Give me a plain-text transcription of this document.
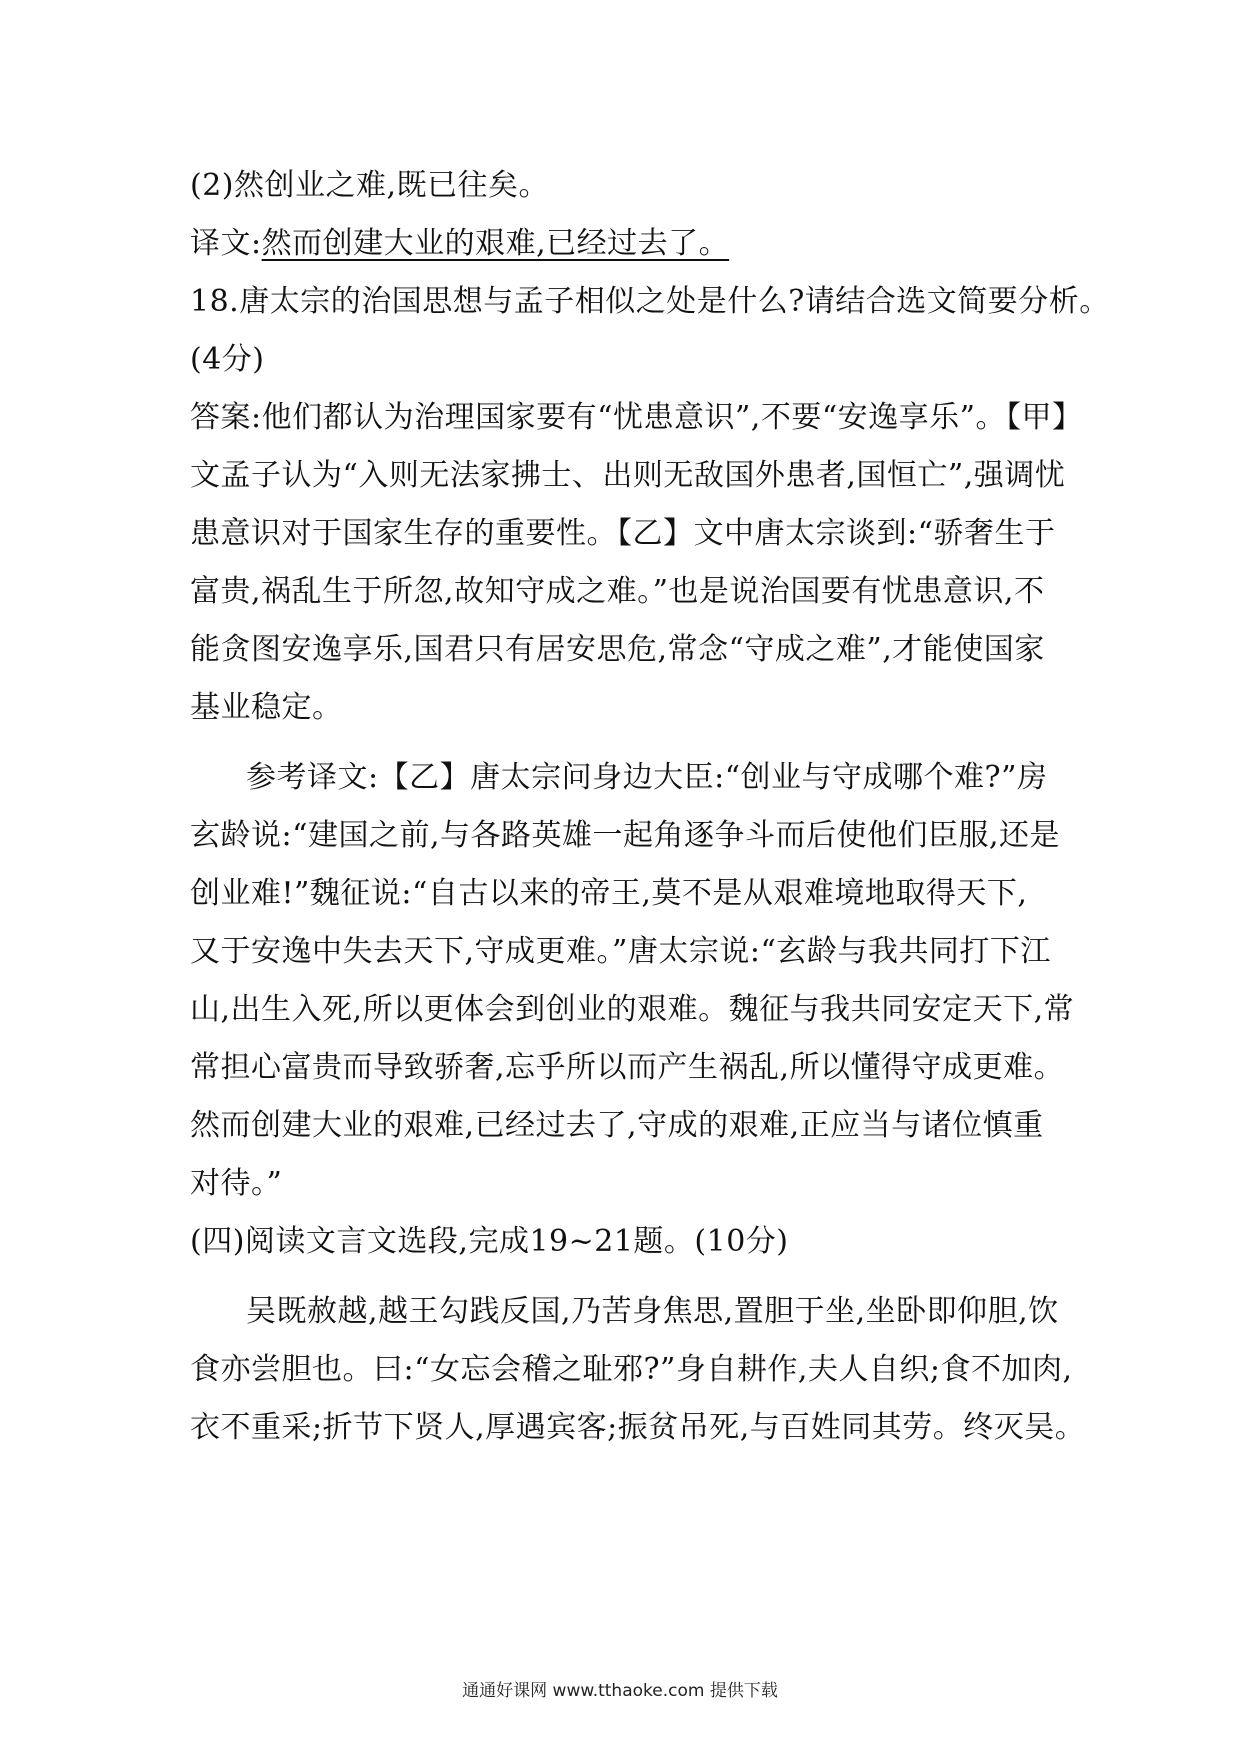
(2)然创业之难,既已往矣。
译文:然而创建大业的艰难,已经过去了。
18.唐太宗的治国思想与孟子相似之处是什么?请结合选文简要分析。
(4分)
答案:他们都认为治理国家要有“忧患意识”,不要“安逸享乐”。【甲】
文孟子认为“入则无法家拂士、出则无敌国外患者,国恒亡”,强调忧
患意识对于国家生存的重要性。【乙】文中唐太宗谈到:“骄奢生于
富贵,祸乱生于所忽,故知守成之难。”也是说治国要有忧患意识,不
能贪图安逸享乐,国君只有居安思危,常念“守成之难”,才能使国家
基业稳定。
参考译文:【乙】唐太宗问身边大臣:“创业与守成哪个难?”房
玄龄说:“建国之前,与各路英雄一起角逐争斗而后使他们臣服,还是
创业难!”魏征说:“自古以来的帝王,莫不是从艰难境地取得天下,
又于安逸中失去天下,守成更难。”唐太宗说:“玄龄与我共同打下江
山,出生入死,所以更体会到创业的艰难。魏征与我共同安定天下,常
常担心富贵而导致骄奢,忘乎所以而产生祸乱,所以懂得守成更难。
然而创建大业的艰难,已经过去了,守成的艰难,正应当与诸位慎重
对待。”
(四)阅读文言文选段,完成19~21题。(10分)
吴既赦越,越王勾践反国,乃苦身焦思,置胆于坐,坐卧即仰胆,饮
食亦尝胆也。曰:“女忘会稽之耻邪?”身自耕作,夫人自织;食不加肉,
衣不重采;折节下贤人,厚遇宾客;振贫吊死,与百姓同其劳。终灭吴。
通通好课网 www.tthaoke.com 提供下载
